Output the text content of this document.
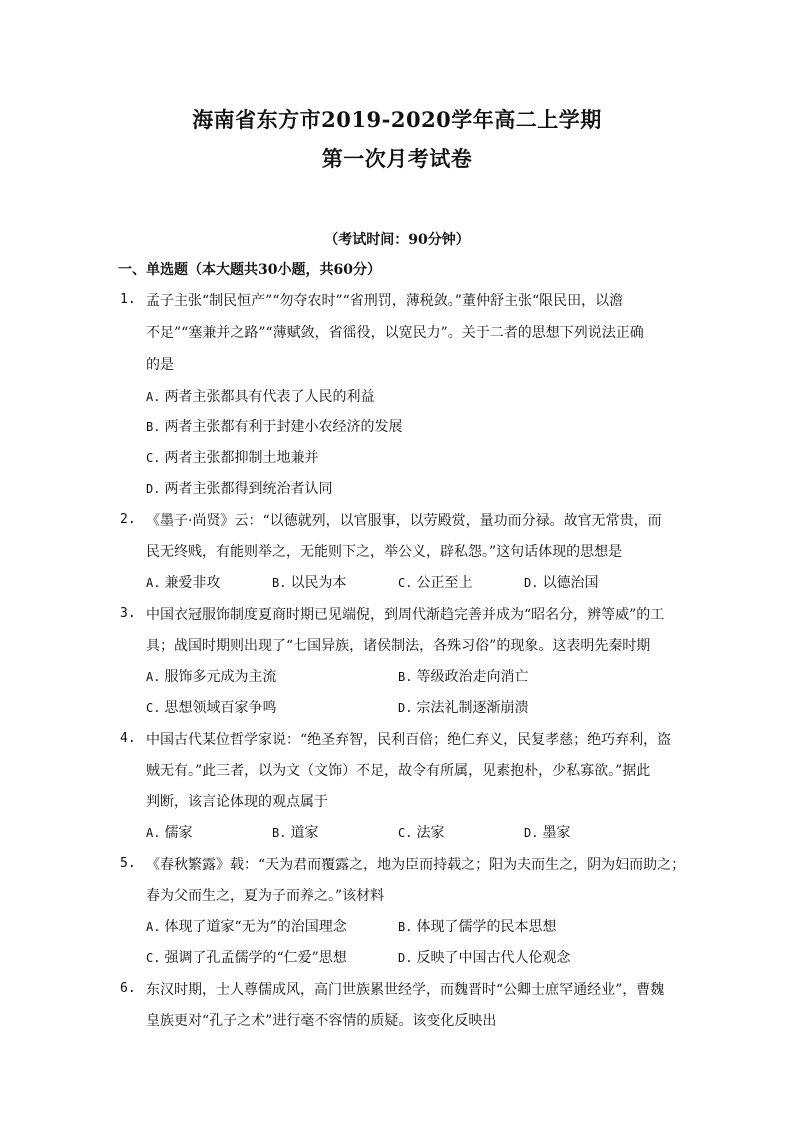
海南省东方市2019-2020学年高二上学期
第一次月考试卷
（考试时间：90分钟）
一、单选题（本大题共30小题，共60分）
1. 孟子主张“制民恒产”“勿夺农时”“省刑罚，薄税敛。”董仲舒主张“限民田，以澹
不足”“塞兼并之路”“薄赋敛，省徭役，以宽民力”。关于二者的思想下列说法正确
的是
A. 两者主张都具有代表了人民的利益
B. 两者主张都有利于封建小农经济的发展
C. 两者主张都抑制土地兼并
D. 两者主张都得到统治者认同
2. 《墨子·尚贤》云：“以德就列，以官服事，以劳殿赏，量功而分禄。故官无常贵，而
民无终贱，有能则举之，无能则下之，举公义，辟私怨。”这句话体现的思想是
A. 兼爱非攻	B. 以民为本	C. 公正至上	D. 以德治国
3. 中国衣冠服饰制度夏商时期已见端倪，到周代渐趋完善并成为“昭名分，辨等威”的工
具；战国时期则出现了“七国异族，诸侯制法，各殊习俗”的现象。这表明先秦时期
A. 服饰多元成为主流	B. 等级政治走向消亡
C. 思想领域百家争鸣	D. 宗法礼制逐渐崩溃
4. 中国古代某位哲学家说：“绝圣弃智，民利百倍；绝仁弃义，民复孝慈；绝巧弃利，盗
贼无有。”此三者，以为文（文饰）不足，故令有所属，见素抱朴，少私寡欲。”据此
判断，该言论体现的观点属于
A. 儒家	B. 道家	C. 法家	D. 墨家
5. 《春秋繁露》载：“天为君而覆露之，地为臣而持载之；阳为夫而生之，阴为妇而助之；
春为父而生之，夏为子而养之。”该材料
A. 体现了道家“无为”的治国理念	B. 体现了儒学的民本思想
C. 强调了孔孟儒学的“仁爱”思想	D. 反映了中国古代人伦观念
6. 东汉时期，士人尊儒成风，高门世族累世经学，而魏晋时“公卿士庶罕通经业”，曹魏
皇族更对“孔子之术”进行毫不容情的质疑。该变化反映出
